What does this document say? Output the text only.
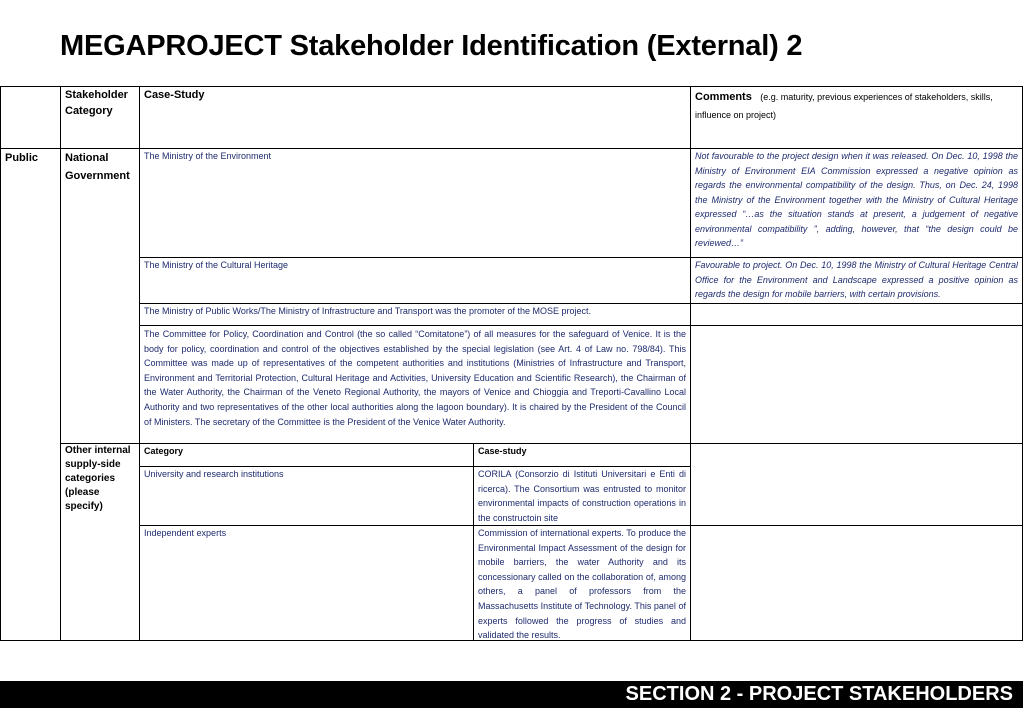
MEGAPROJECT Stakeholder Identification (External) 2
Stakeholder Category
Case-Study	Comments (e.g. maturity, previous experiences of stakeholders, skills, influence on project)
Public	National Government
The Ministry of the Environment	Not favourable to the project design when it was released. On Dec. 10, 1998 the Ministry of Environment EIA Commission expressed a negative opinion as regards the environmental compatibility of the design. Thus, on Dec. 24, 1998 the Ministry of the Environment together with the Ministry of Cultural Heritage expressed “…as the situation stands at present, a judgement of negative environmental compatibility ”, adding, however, that “the design could be reviewed…”
The Ministry of the Cultural Heritage	Favourable to project. On Dec. 10, 1998 the Ministry of Cultural Heritage Central Office for the Environment and Landscape expressed a positive opinion as regards the design for mobile barriers, with certain provisions.
The Ministry of Public Works/The Ministry of Infrastructure and Transport was the promoter of the MOSE project.
The Committee for Policy, Coordination and Control (the so called “Comitatone”) of all measures for the safeguard of Venice. It is the body for policy, coordination and control of the objectives established by the special legislation (see Art. 4 of Law no. 798/84). This Committee was made up of representatives of the competent authorities and institutions (Ministries of Infrastructure and Transport, Environment and Territorial Protection, Cultural Heritage and Activities, University Education and Scientific Research), the Chairman of the Water Authority, the Chairman of the Veneto Regional Authority, the mayors of Venice and Chioggia and Treporti-Cavallino Local Authority and two representatives of the other local authorities along the lagoon boundary). It is chaired by the President of the Council of Ministers. The secretary of the Committee is the President of the Venice Water Authority.
Other internal supply-side categories (please specify)
Category	Case-study
University and research institutions	CORILA (Consorzio di Istituti Universitari e Enti di ricerca). The Consortium was entrusted to monitor environmental impacts of construction operations in the constructoin site
Independent experts	Commission of international experts. To produce the Environmental Impact Assessment of the design for mobile barriers, the water Authority and its concessionary called on the collaboration of, among others, a panel of professors from the Massachusetts Institute of Technology. This panel of experts followed the progress of studies and validated the results.
SECTION 2 - PROJECT STAKEHOLDERS
